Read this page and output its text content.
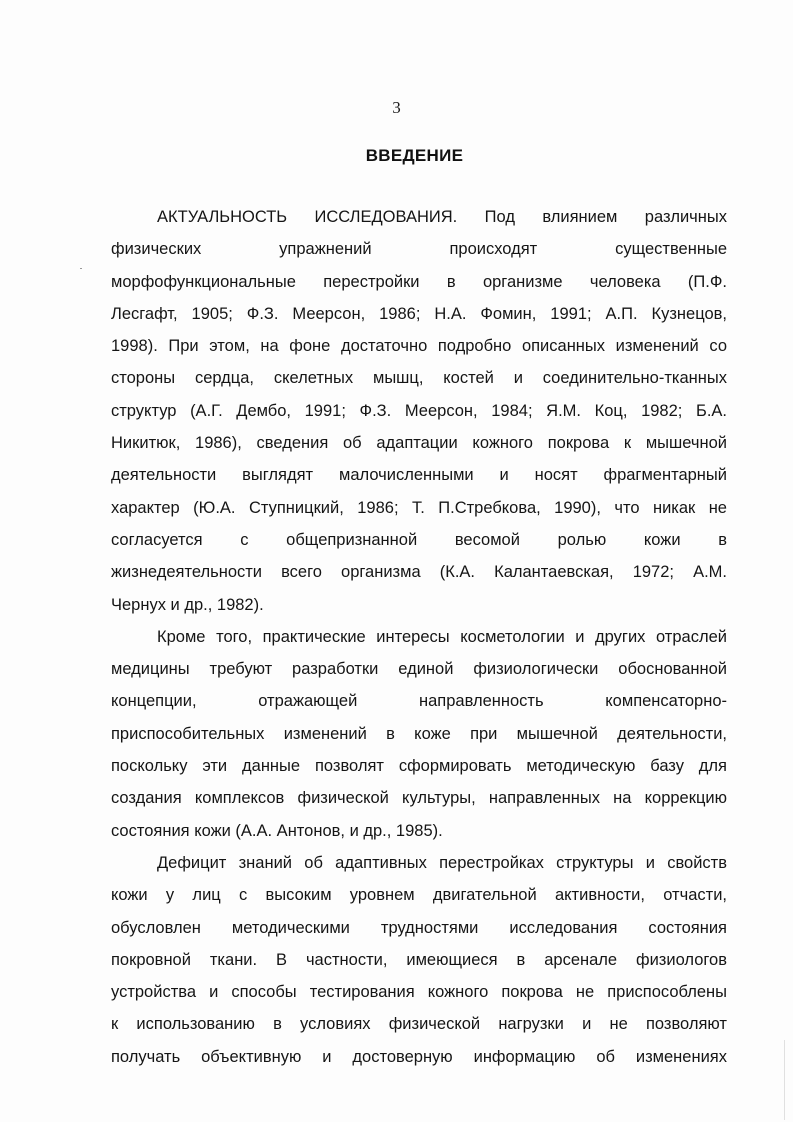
3
ВВЕДЕНИЕ
АКТУАЛЬНОСТЬ ИССЛЕДОВАНИЯ. Под влиянием различных
физических упражнений происходят существенные
морфофункциональные перестройки в организме человека (П.Ф.
Лесгафт, 1905; Ф.З. Меерсон, 1986; Н.А. Фомин, 1991; А.П. Кузнецов,
1998). При этом, на фоне достаточно подробно описанных изменений со
стороны сердца, скелетных мышц, костей и соединительно-тканных
структур (А.Г. Дембо, 1991; Ф.З. Меерсон, 1984; Я.М. Коц, 1982; Б.А.
Никитюк, 1986), сведения об адаптации кожного покрова к мышечной
деятельности выглядят малочисленными и носят фрагментарный
характер (Ю.А. Ступницкий, 1986; Т. П.Стребкова, 1990), что никак не
согласуется с общепризнанной весомой ролью кожи в
жизнедеятельности всего организма (К.А. Калантаевская, 1972; А.М.
Чернух и др., 1982).
Кроме того, практические интересы косметологии и других отраслей
медицины требуют разработки единой физиологически обоснованной
концепции, отражающей направленность компенсаторно-
приспособительных изменений в коже при мышечной деятельности,
поскольку эти данные позволят сформировать методическую базу для
создания комплексов физической культуры, направленных на коррекцию
состояния кожи (А.А. Антонов, и др., 1985).
Дефицит знаний об адаптивных перестройках структуры и свойств
кожи у лиц с высоким уровнем двигательной активности, отчасти,
обусловлен методическими трудностями исследования состояния
покровной ткани. В частности, имеющиеся в арсенале физиологов
устройства и способы тестирования кожного покрова не приспособлены
к использованию в условиях физической нагрузки и не позволяют
получать объективную и достоверную информацию об изменениях
